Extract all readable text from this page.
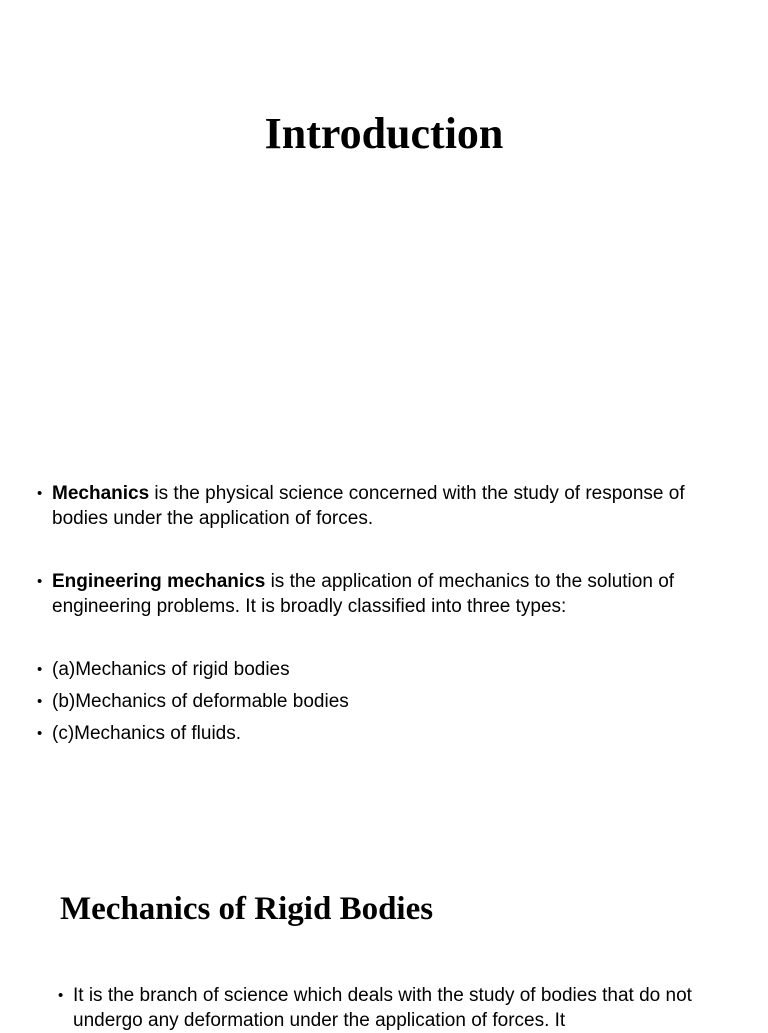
Introduction
• Mechanics is the physical science concerned with the study of response of bodies under the application of forces.
• Engineering mechanics is the application of mechanics to the solution of engineering problems. It is broadly classified into three types:
• (a)Mechanics of rigid bodies
• (b)Mechanics of deformable bodies
• (c)Mechanics of fluids.
Mechanics of Rigid Bodies
• It is the branch of science which deals with the study of bodies that do not undergo any deformation under the application of forces. It
